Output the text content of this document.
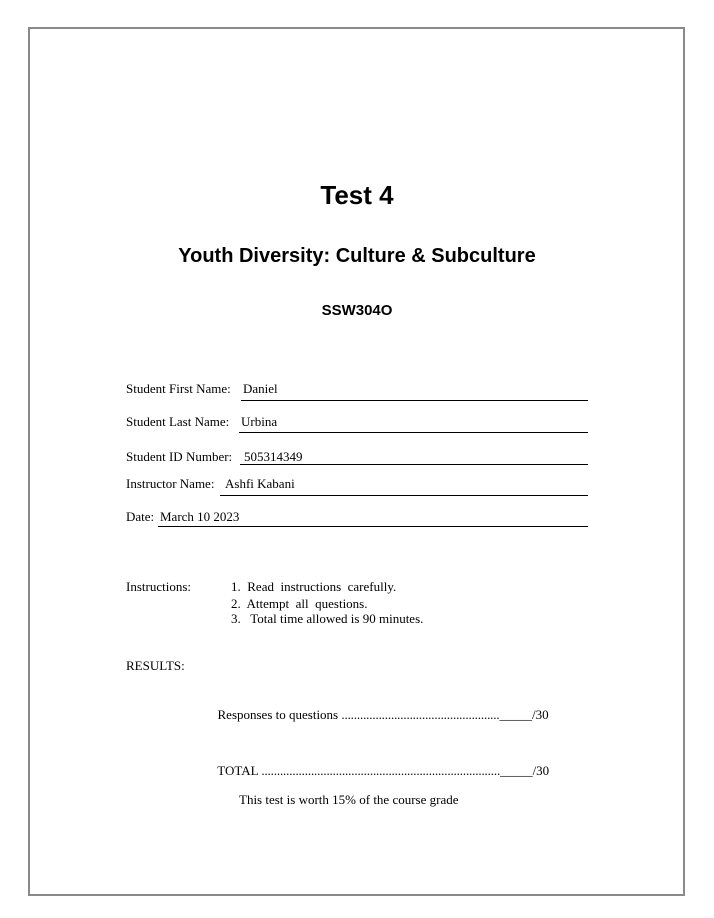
Test 4
Youth Diversity: Culture & Subculture
SSW304O
Student First Name: Daniel
Student Last Name: Urbina
Student ID Number: 505314349
Instructor Name: Ashfi Kabani
Date: March 10 2023
Instructions:	1.  Read  instructions  carefully.
2.  Attempt  all  questions.
3.   Total time allowed is 90 minutes.
RESULTS:

Responses to questions ..................................................._____/30

TOTAL ............................................................................._____/30

This test is worth 15% of the course grade
